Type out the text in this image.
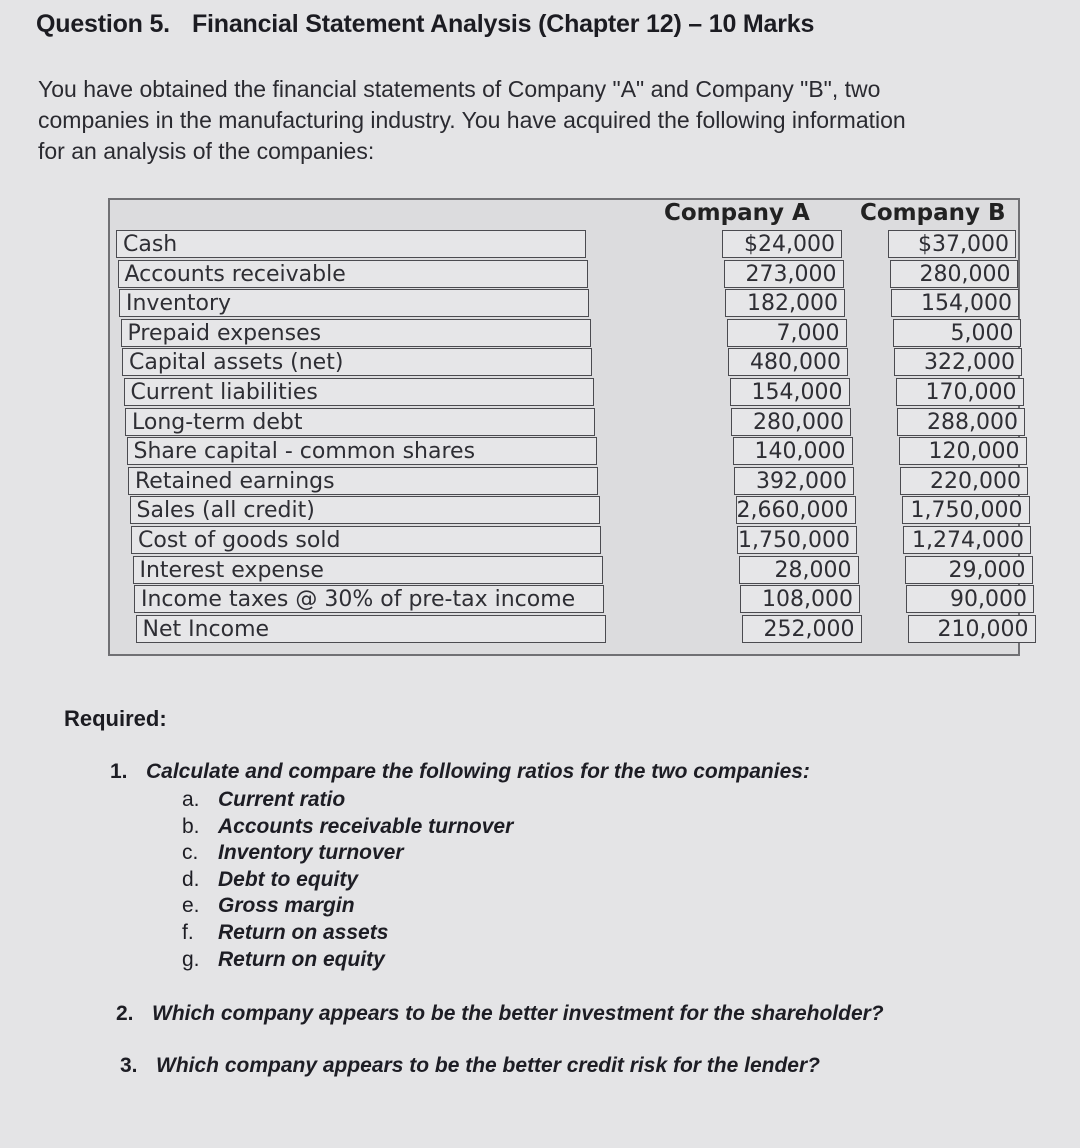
Question 5. Financial Statement Analysis (Chapter 12) – 10 Marks
You have obtained the financial statements of Company "A" and Company "B", two
companies in the manufacturing industry. You have acquired the following information
for an analysis of the companies:
Company A Company B
Cash	$24,000	$37,000
Accounts receivable	273,000	280,000
Inventory	182,000	154,000
Prepaid expenses	7,000	5,000
Capital assets (net)	480,000	322,000
Current liabilities	154,000	170,000
Long-term debt	280,000	288,000
Share capital - common shares	140,000	120,000
Retained earnings	392,000	220,000
Sales (all credit)	2,660,000	1,750,000
Cost of goods sold	1,750,000	1,274,000
Interest expense	28,000	29,000
Income taxes @ 30% of pre-tax income	108,000	90,000
Net Income	252,000	210,000
Required:
1. Calculate and compare the following ratios for the two companies:
a. Current ratio
b. Accounts receivable turnover
c. Inventory turnover
d. Debt to equity
e. Gross margin
f. Return on assets
g. Return on equity
2. Which company appears to be the better investment for the shareholder?
3. Which company appears to be the better credit risk for the lender?
